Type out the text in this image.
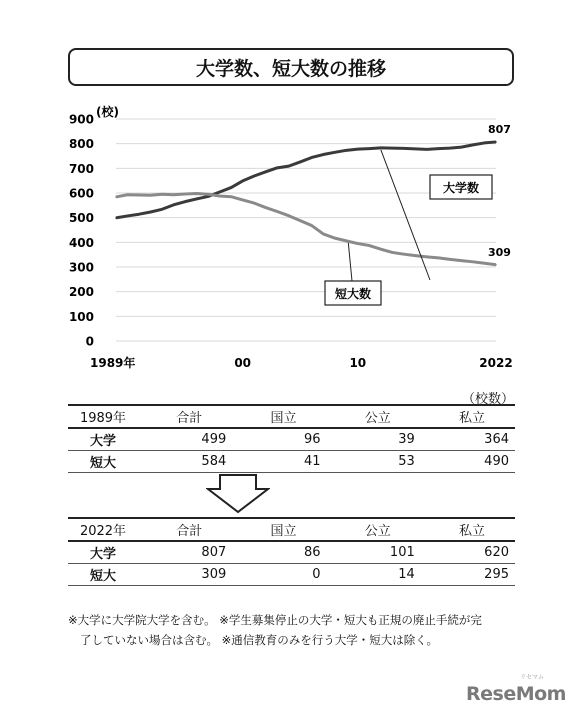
大学数、短大数の推移
0
100
200
300
400
500
600
700
800
900
1989年	00	10	2022
(校)
807
309
大学数
短大数
（校数）
1989年	合計	国立	公立	私立
大学	499	96	39	364
短大	584	41	53	490
2022年	合計	国立	公立	私立
大学	807	86	101	620
短大	309	0	14	295
※大学に大学院大学を含む。 ※学生募集停止の大学・短大も正規の廃止手続が完
了していない場合は含む。 ※通信教育のみを行う大学・短大は除く。
リセマム
ReseMom
